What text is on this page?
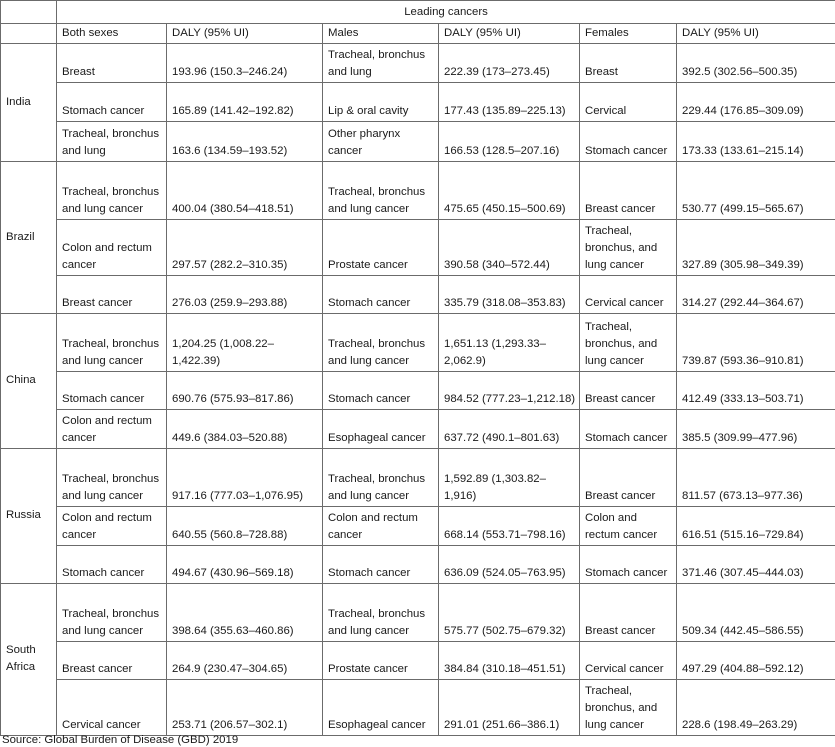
	Leading cancers					
	Both sexes	DALY (95% UI)	Males	DALY (95% UI)	Females	DALY (95% UI)
India	Breast	193.96 (150.3–246.24)	Tracheal, bronchus and lung	222.39 (173–273.45)	Breast	392.5 (302.56–500.35)
	Stomach cancer	165.89 (141.42–192.82)	Lip & oral cavity	177.43 (135.89–225.13)	Cervical	229.44 (176.85–309.09)
	Tracheal, bronchus and lung	163.6 (134.59–193.52)	Other pharynx cancer	166.53 (128.5–207.16)	Stomach cancer	173.33 (133.61–215.14)
Brazil	Tracheal, bronchus and lung cancer	400.04 (380.54–418.51)	Tracheal, bronchus and lung cancer	475.65 (450.15–500.69)	Breast cancer	530.77 (499.15–565.67)
	Colon and rectum cancer	297.57 (282.2–310.35)	Prostate cancer	390.58 (340–572.44)	Tracheal, bronchus, and lung cancer	327.89 (305.98–349.39)
	Breast cancer	276.03 (259.9–293.88)	Stomach cancer	335.79 (318.08–353.83)	Cervical cancer	314.27 (292.44–364.67)
China	Tracheal, bronchus and lung cancer	1,204.25 (1,008.22–1,422.39)	Tracheal, bronchus and lung cancer	1,651.13 (1,293.33–2,062.9)	Tracheal, bronchus, and lung cancer	739.87 (593.36–910.81)
	Stomach cancer	690.76 (575.93–817.86)	Stomach cancer	984.52 (777.23–1,212.18)	Breast cancer	412.49 (333.13–503.71)
	Colon and rectum cancer	449.6 (384.03–520.88)	Esophageal cancer	637.72 (490.1–801.63)	Stomach cancer	385.5 (309.99–477.96)
Russia	Tracheal, bronchus and lung cancer	917.16 (777.03–1,076.95)	Tracheal, bronchus and lung cancer	1,592.89 (1,303.82–1,916)	Breast cancer	811.57 (673.13–977.36)
	Colon and rectum cancer	640.55 (560.8–728.88)	Colon and rectum cancer	668.14 (553.71–798.16)	Colon and rectum cancer	616.51 (515.16–729.84)
	Stomach cancer	494.67 (430.96–569.18)	Stomach cancer	636.09 (524.05–763.95)	Stomach cancer	371.46 (307.45–444.03)
South Africa	Tracheal, bronchus and lung cancer	398.64 (355.63–460.86)	Tracheal, bronchus and lung cancer	575.77 (502.75–679.32)	Breast cancer	509.34 (442.45–586.55)
	Breast cancer	264.9 (230.47–304.65)	Prostate cancer	384.84 (310.18–451.51)	Cervical cancer	497.29 (404.88–592.12)
	Cervical cancer	253.71 (206.57–302.1)	Esophageal cancer	291.01 (251.66–386.1)	Tracheal, bronchus, and lung cancer	228.6 (198.49–263.29)
Source: Global Burden of Disease (GBD) 2019
